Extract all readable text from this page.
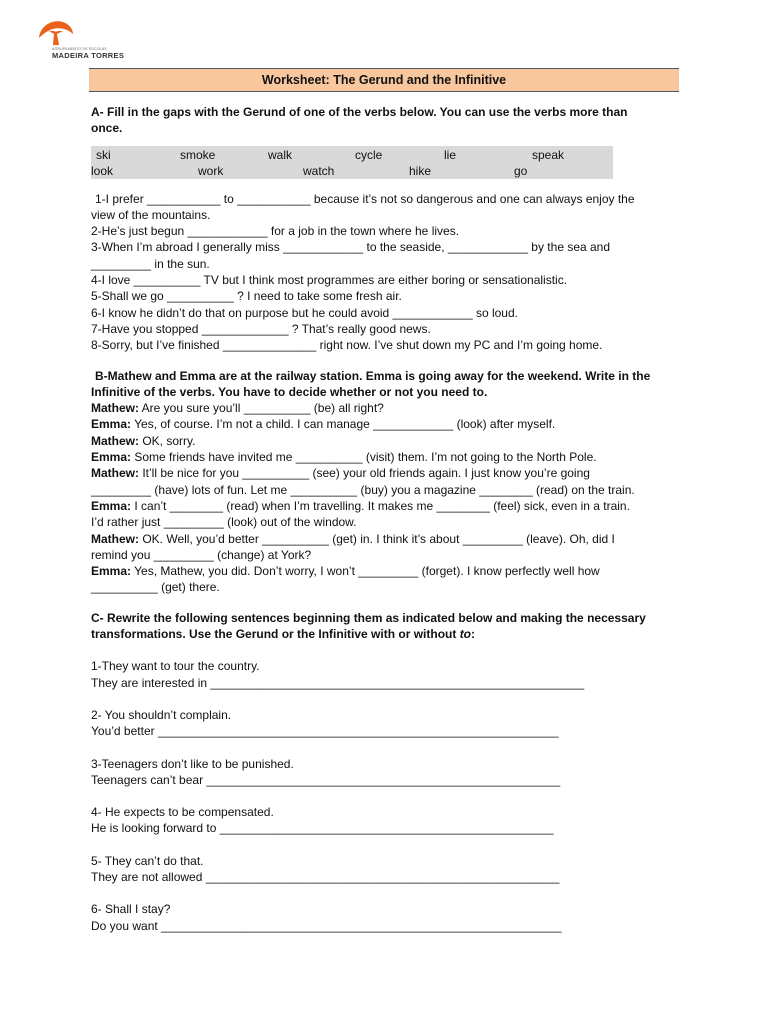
AGRUPAMENTO DE ESCOLAS
MADEIRA TORRES
Worksheet: The Gerund and the Infinitive

A- Fill in the gaps with the Gerund of one of the verbs below. You can use the verbs more than

once.

ski	smoke	walk	cycle	lie	speak
look	work	watch	hike	go

1-I prefer ___________ to ___________ because it’s not so dangerous and one can always enjoy the

view of the mountains.

2-He’s just begun ____________ for a job in the town where he lives.

3-When I’m abroad I generally miss ____________ to the seaside, ____________ by the sea and

_________ in the sun.

4-I love __________ TV but I think most programmes are either boring or sensationalistic.

5-Shall we go __________ ? I need to take some fresh air.

6-I know he didn’t do that on purpose but he could avoid ____________ so loud.

7-Have you stopped _____________ ? That’s really good news.

8-Sorry, but I’ve finished ______________ right now. I’ve shut down my PC and I’m going home.

B-Mathew and Emma are at the railway station. Emma is going away for the weekend. Write in the

Infinitive of the verbs. You have to decide whether or not you need to.

Mathew: Are you sure you’ll __________ (be) all right?

Emma: Yes, of course. I’m not a child. I can manage ____________ (look) after myself.

Mathew: OK, sorry.

Emma: Some friends have invited me __________ (visit) them. I’m not going to the North Pole.

Mathew: It’ll be nice for you __________ (see) your old friends again. I just know you’re going

_________ (have) lots of fun. Let me __________ (buy) you a magazine ________ (read) on the train.

Emma: I can’t ________ (read) when I’m travelling. It makes me ________ (feel) sick, even in a train.

I’d rather just _________ (look) out of the window.

Mathew: OK. Well, you’d better __________ (get) in. I think it’s about _________ (leave). Oh, did I

remind you _________ (change) at York?

Emma: Yes, Mathew, you did. Don’t worry, I won’t _________ (forget). I know perfectly well how

__________ (get) there.

C- Rewrite the following sentences beginning them as indicated below and making the necessary

transformations. Use the Gerund or the Infinitive with or without to:

1-They want to tour the country.

They are interested in ________________________________________________________

2- You shouldn’t complain.

You’d better ____________________________________________________________

3-Teenagers don’t like to be punished.

Teenagers can’t bear _____________________________________________________

4- He expects to be compensated.

He is looking forward to __________________________________________________

5- They can’t do that.

They are not allowed _____________________________________________________

6- Shall I stay?

Do you want ____________________________________________________________
